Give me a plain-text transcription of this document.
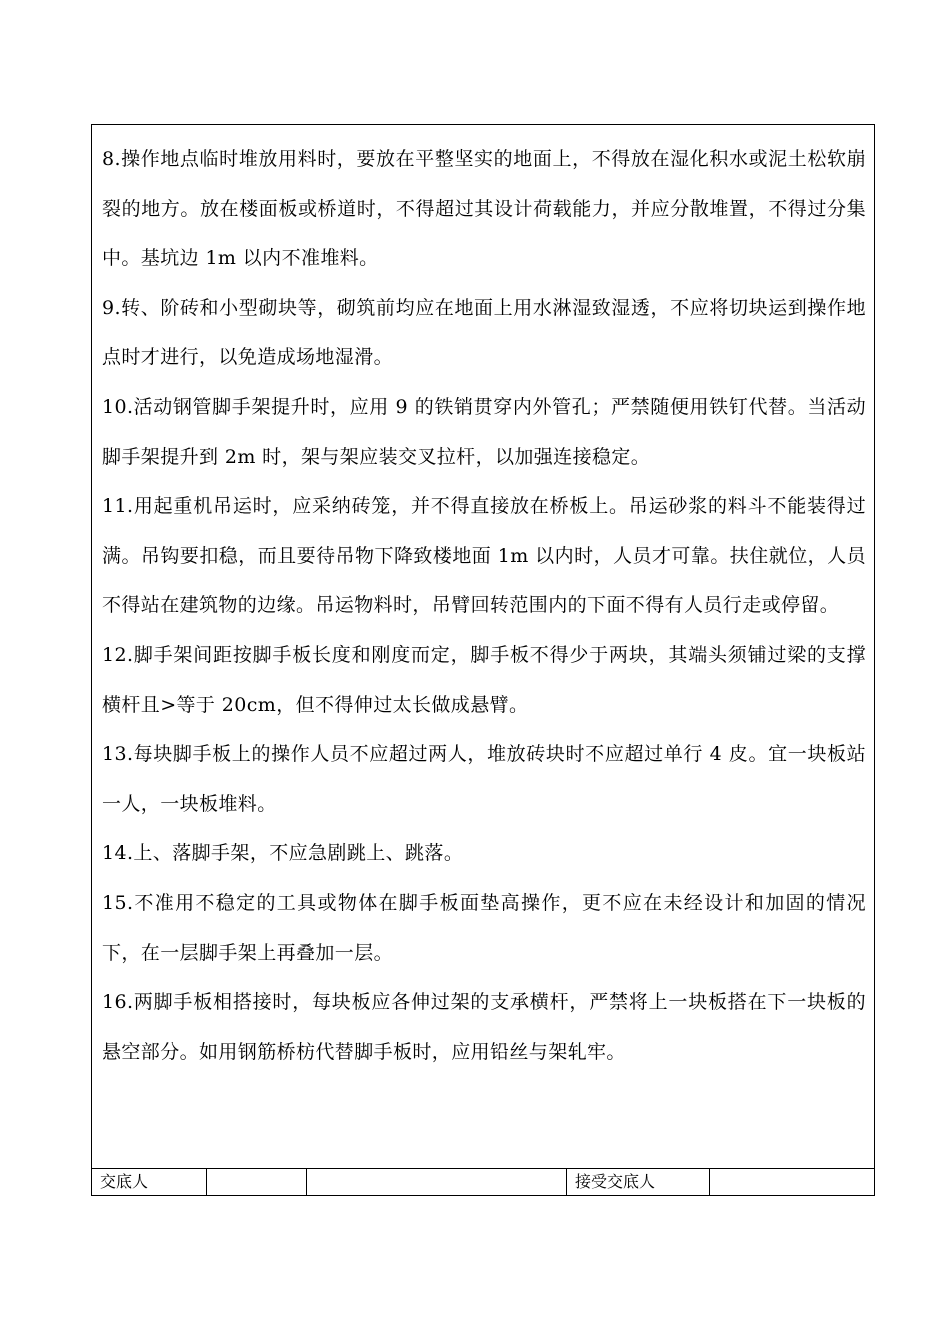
8.操作地点临时堆放用料时，要放在平整坚实的地面上，不得放在湿化积水或泥土松软崩裂的地方。放在楼面板或桥道时，不得超过其设计荷载能力，并应分散堆置，不得过分集中。基坑边 1m 以内不准堆料。

9.转、阶砖和小型砌块等，砌筑前均应在地面上用水淋湿致湿透，不应将切块运到操作地点时才进行，以免造成场地湿滑。

10.活动钢管脚手架提升时，应用 9 的铁销贯穿内外管孔；严禁随便用铁钉代替。当活动脚手架提升到 2m 时，架与架应装交叉拉杆，以加强连接稳定。

11.用起重机吊运时，应采纳砖笼，并不得直接放在桥板上。吊运砂浆的料斗不能装得过满。吊钩要扣稳，而且要待吊物下降致楼地面 1m 以内时，人员才可靠。扶住就位，人员不得站在建筑物的边缘。吊运物料时，吊臂回转范围内的下面不得有人员行走或停留。

12.脚手架间距按脚手板长度和刚度而定，脚手板不得少于两块，其端头须铺过梁的支撑横杆且>等于 20cm，但不得伸过太长做成悬臂。

13.每块脚手板上的操作人员不应超过两人，堆放砖块时不应超过单行 4 皮。宜一块板站一人，一块板堆料。

14.上、落脚手架，不应急剧跳上、跳落。

15.不准用不稳定的工具或物体在脚手板面垫高操作，更不应在未经设计和加固的情况下，在一层脚手架上再叠加一层。

16.两脚手板相搭接时，每块板应各伸过架的支承横杆，严禁将上一块板搭在下一块板的悬空部分。如用钢筋桥枋代替脚手板时，应用铅丝与架轧牢。

交底人	接受交底人
